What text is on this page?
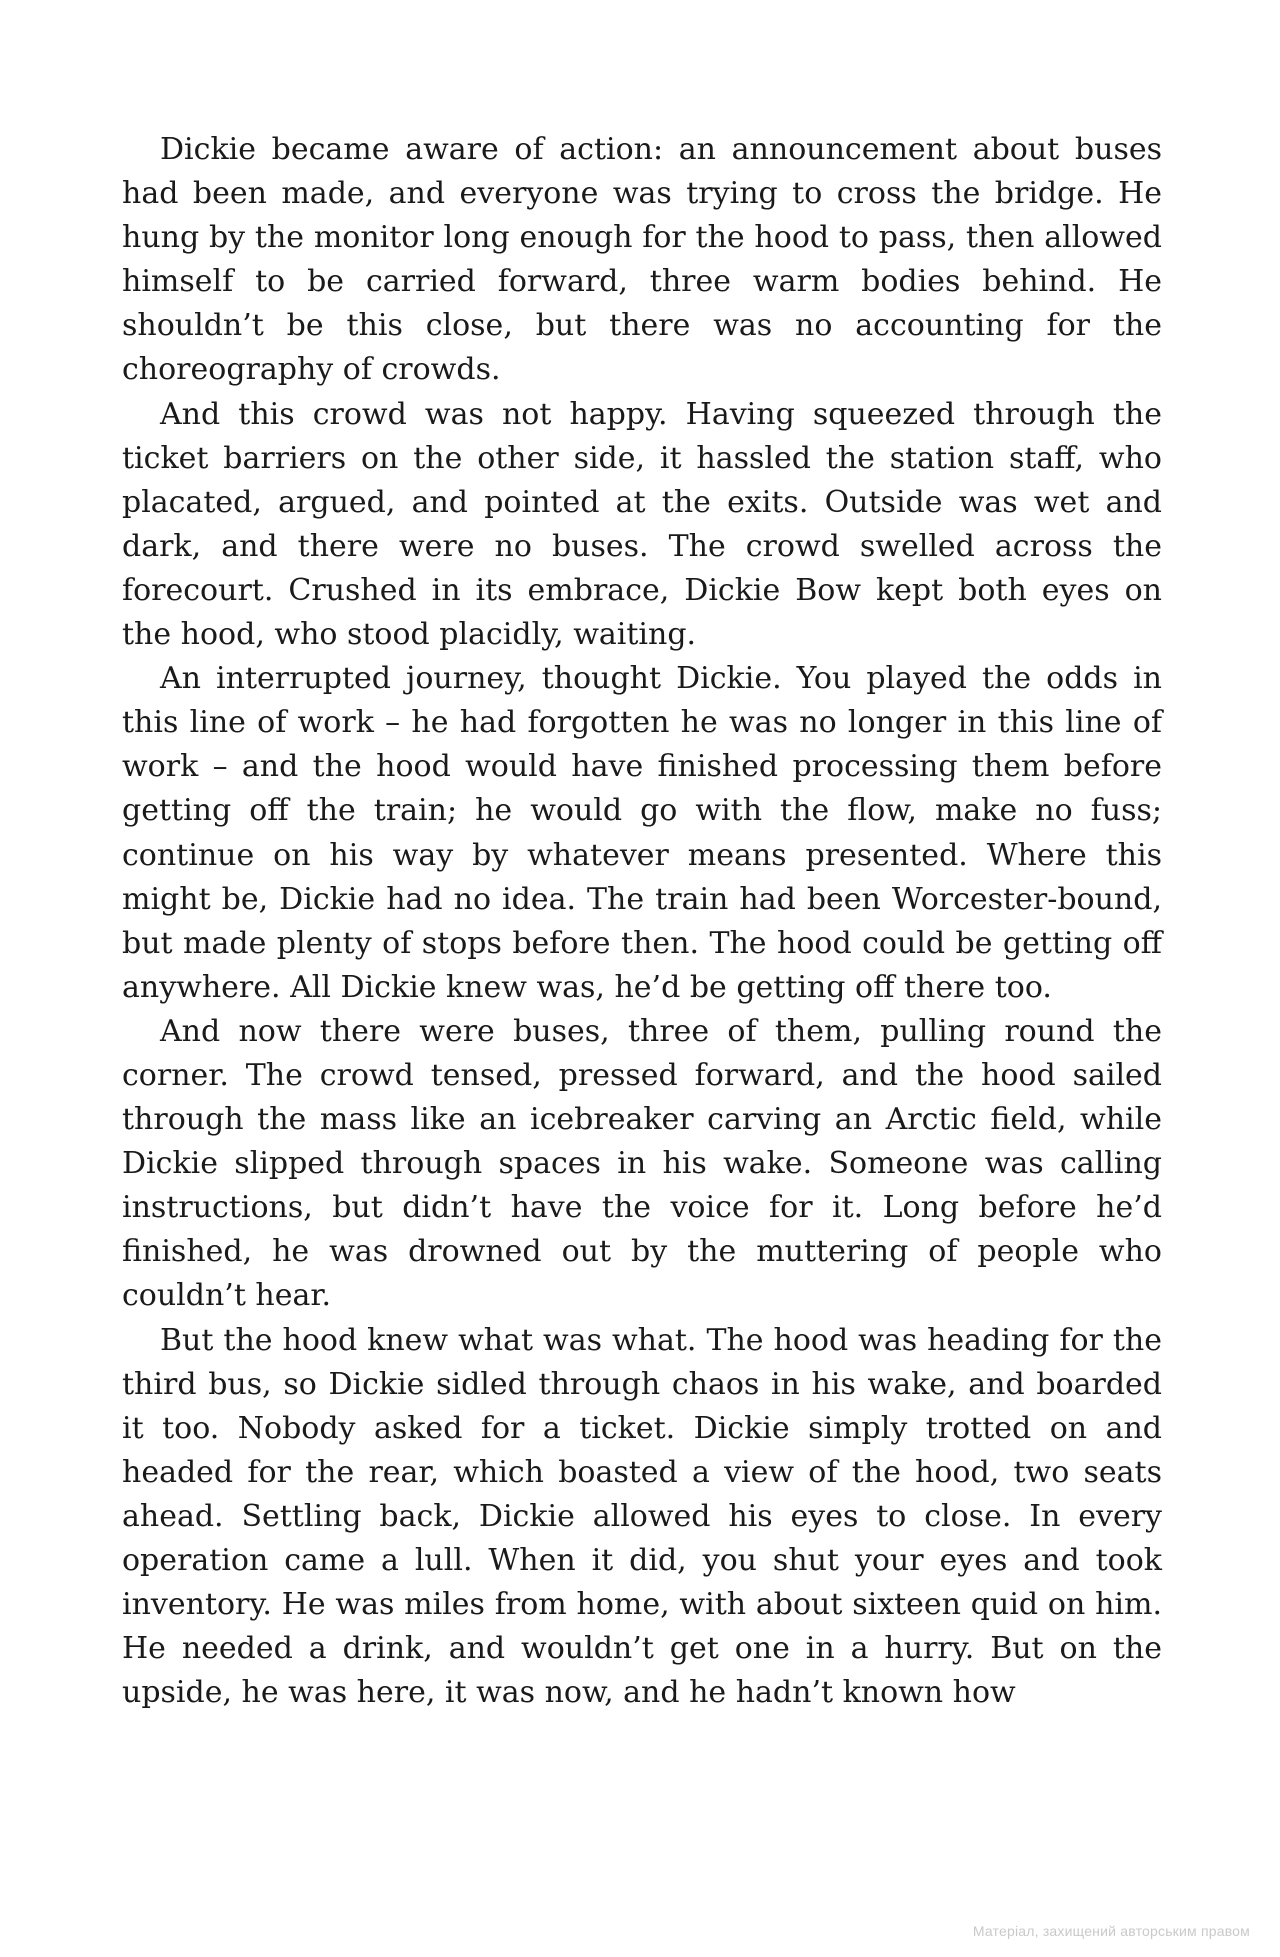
Dickie became aware of action: an announcement about buses had been made, and everyone was trying to cross the bridge. He hung by the monitor long enough for the hood to pass, then allowed himself to be carried forward, three warm bodies behind. He shouldn’t be this close, but there was no accounting for the choreography of crowds.

And this crowd was not happy. Having squeezed through the ticket barriers on the other side, it hassled the station staff, who placated, argued, and pointed at the exits. Outside was wet and dark, and there were no buses. The crowd swelled across the forecourt. Crushed in its embrace, Dickie Bow kept both eyes on the hood, who stood placidly, waiting.

An interrupted journey, thought Dickie. You played the odds in this line of work – he had forgotten he was no longer in this line of work – and the hood would have finished processing them before getting off the train; he would go with the flow, make no fuss; continue on his way by whatever means presented. Where this might be, Dickie had no idea. The train had been Worcester-bound, but made plenty of stops before then. The hood could be getting off anywhere. All Dickie knew was, he’d be getting off there too.

And now there were buses, three of them, pulling round the corner. The crowd tensed, pressed forward, and the hood sailed through the mass like an icebreaker carving an Arctic field, while Dickie slipped through spaces in his wake. Someone was calling instructions, but didn’t have the voice for it. Long before he’d finished, he was drowned out by the muttering of people who couldn’t hear.

But the hood knew what was what. The hood was heading for the third bus, so Dickie sidled through chaos in his wake, and boarded it too. Nobody asked for a ticket. Dickie simply trotted on and headed for the rear, which boasted a view of the hood, two seats ahead. Settling back, Dickie allowed his eyes to close. In every operation came a lull. When it did, you shut your eyes and took inventory. He was miles from home, with about sixteen quid on him. He needed a drink, and wouldn’t get one in a hurry. But on the upside, he was here, it was now, and he hadn’t known how

Матеріал, захищений авторським правом
